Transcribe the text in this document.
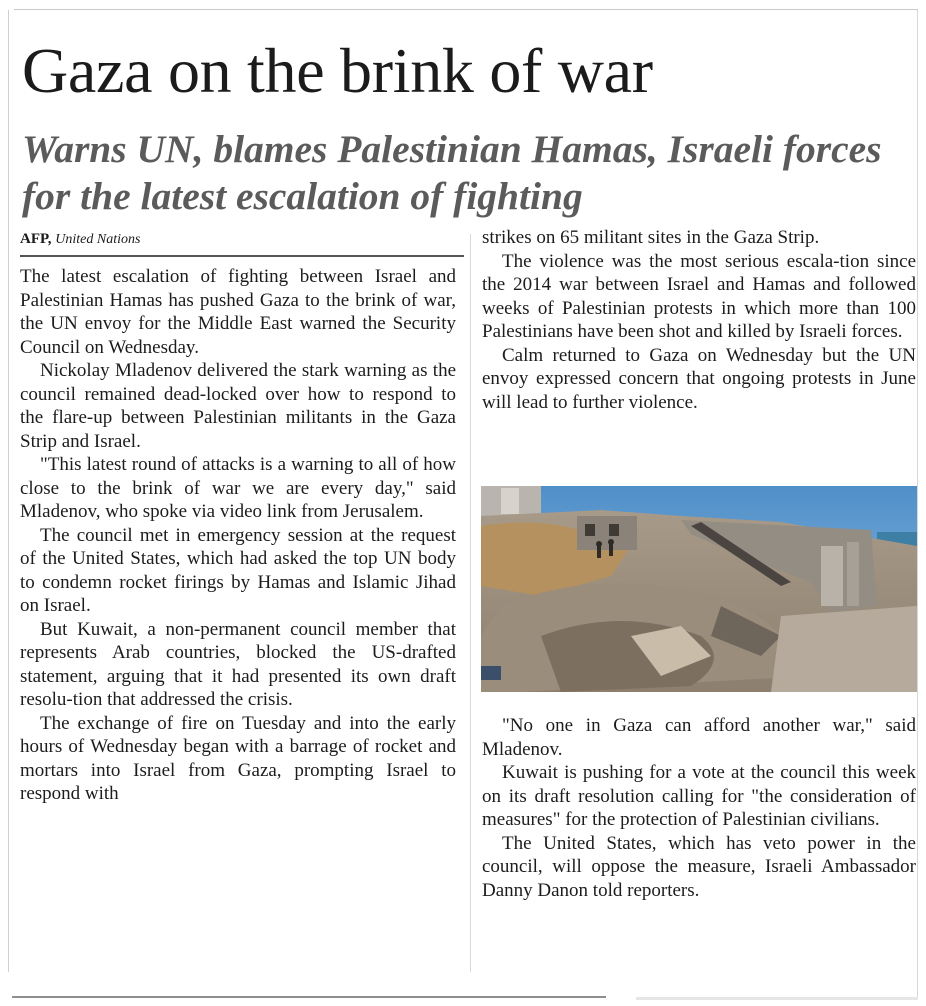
Gaza on the brink of war
Warns UN, blames Palestinian Hamas, Israeli forces for the latest escalation of fighting
AFP, United Nations

The latest escalation of fighting between Israel and Palestinian Hamas has pushed Gaza to the brink of war, the UN envoy for the Middle East warned the Security Council on Wednesday.

Nickolay Mladenov delivered the stark warning as the council remained dead-locked over how to respond to the flare-up between Palestinian militants in the Gaza Strip and Israel.

"This latest round of attacks is a warning to all of how close to the brink of war we are every day," said Mladenov, who spoke via video link from Jerusalem.

The council met in emergency session at the request of the United States, which had asked the top UN body to condemn rocket firings by Hamas and Islamic Jihad on Israel.

But Kuwait, a non-permanent council member that represents Arab countries, blocked the US-drafted statement, arguing that it had presented its own draft resolu-tion that addressed the crisis.

The exchange of fire on Tuesday and into the early hours of Wednesday began with a barrage of rocket and mortars into Israel from Gaza, prompting Israel to respond with

strikes on 65 militant sites in the Gaza Strip.

The violence was the most serious escala-tion since the 2014 war between Israel and Hamas and followed weeks of Palestinian protests in which more than 100 Palestinians have been shot and killed by Israeli forces.

Calm returned to Gaza on Wednesday but the UN envoy expressed concern that ongoing protests in June will lead to further violence.

"No one in Gaza can afford another war," said Mladenov.

Kuwait is pushing for a vote at the council this week on its draft resolution calling for "the consideration of measures" for the protection of Palestinian civilians.

The United States, which has veto power in the council, will oppose the measure, Israeli Ambassador Danny Danon told reporters.
